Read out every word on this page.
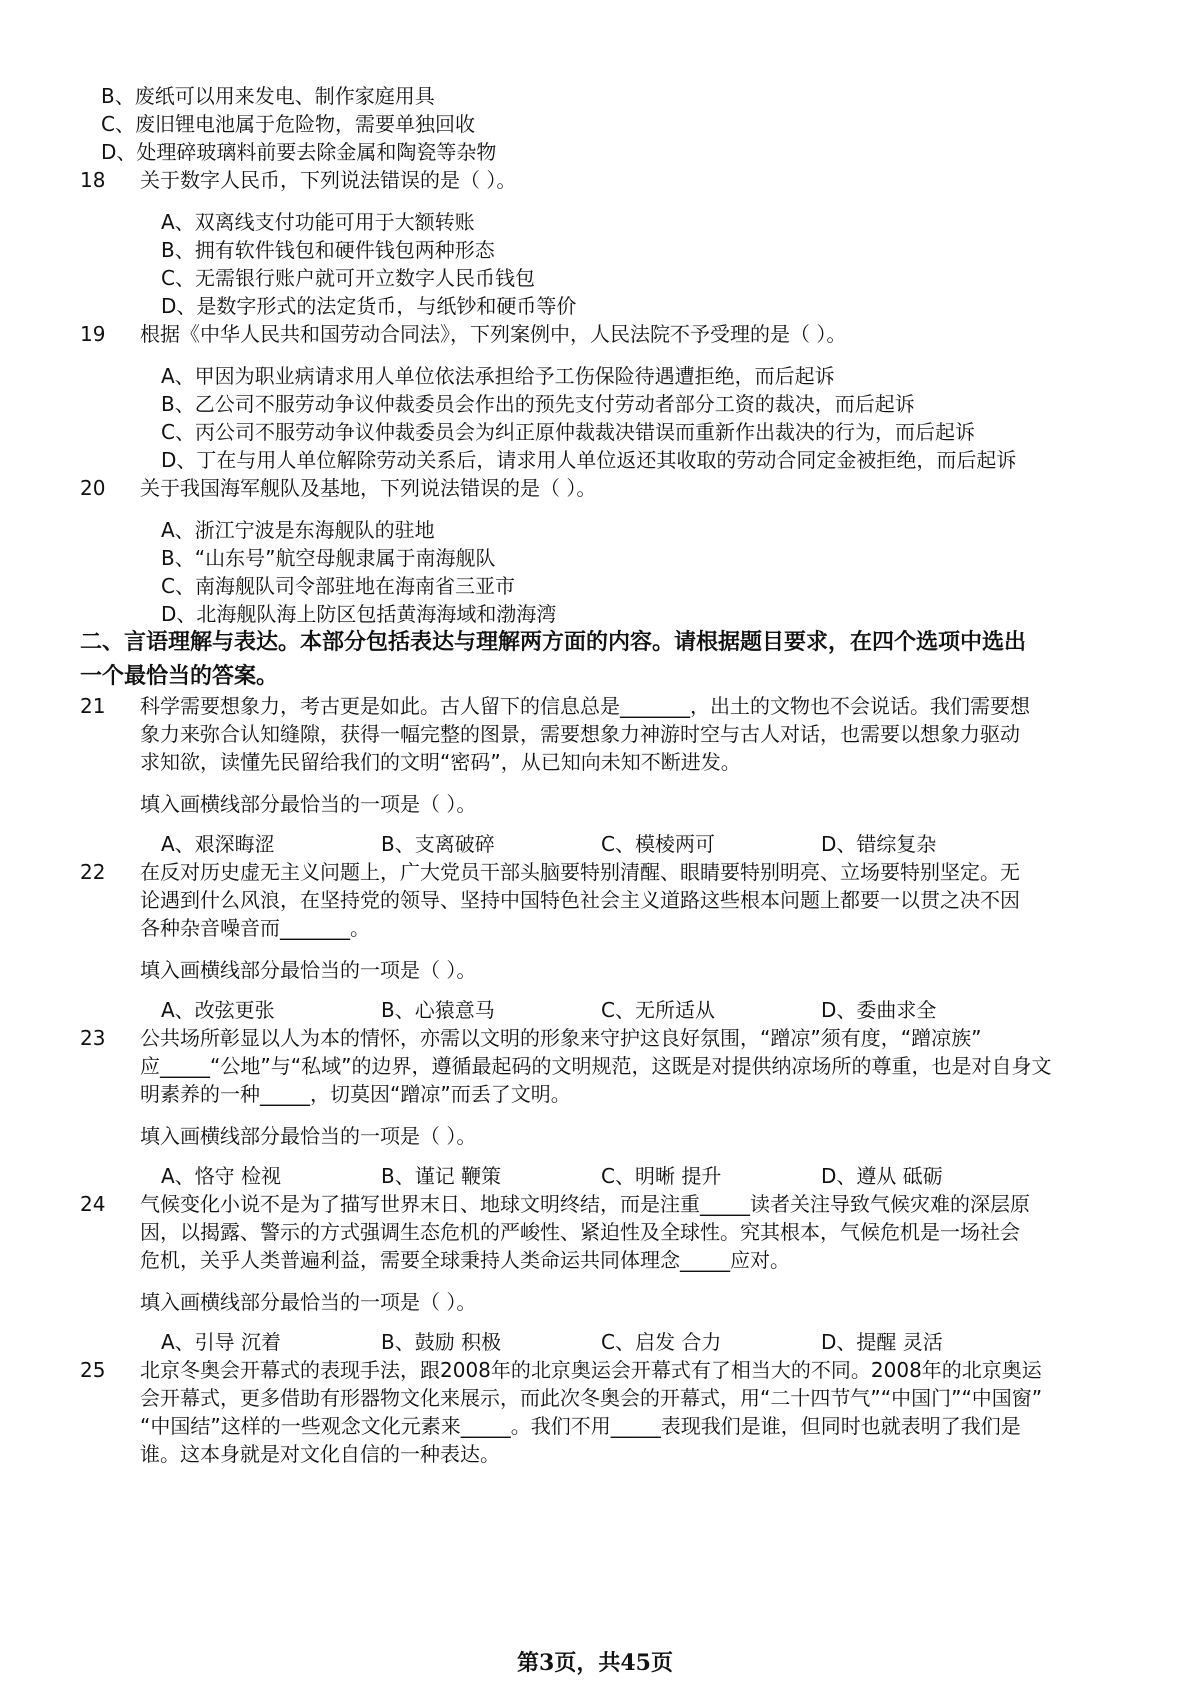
B、废纸可以用来发电、制作家庭用具
C、废旧锂电池属于危险物，需要单独回收
D、处理碎玻璃料前要去除金属和陶瓷等杂物
18 关于数字人民币，下列说法错误的是（ ）。
A、双离线支付功能可用于大额转账
B、拥有软件钱包和硬件钱包两种形态
C、无需银行账户就可开立数字人民币钱包
D、是数字形式的法定货币，与纸钞和硬币等价
19 根据《中华人民共和国劳动合同法》，下列案例中，人民法院不予受理的是（ ）。
A、甲因为职业病请求用人单位依法承担给予工伤保险待遇遭拒绝，而后起诉
B、乙公司不服劳动争议仲裁委员会作出的预先支付劳动者部分工资的裁决，而后起诉
C、丙公司不服劳动争议仲裁委员会为纠正原仲裁裁决错误而重新作出裁决的行为，而后起诉
D、丁在与用人单位解除劳动关系后，请求用人单位返还其收取的劳动合同定金被拒绝，而后起诉
20 关于我国海军舰队及基地，下列说法错误的是（ ）。
A、浙江宁波是东海舰队的驻地
B、“山东号”航空母舰隶属于南海舰队
C、南海舰队司令部驻地在海南省三亚市
D、北海舰队海上防区包括黄海海域和渤海湾
二、言语理解与表达。本部分包括表达与理解两方面的内容。请根据题目要求，在四个选项中选出
一个最恰当的答案。
21 科学需要想象力，考古更是如此。古人留下的信息总是_______，出土的文物也不会说话。我们需要想
象力来弥合认知缝隙，获得一幅完整的图景，需要想象力神游时空与古人对话，也需要以想象力驱动
求知欲，读懂先民留给我们的文明“密码”，从已知向未知不断进发。
填入画横线部分最恰当的一项是（ ）。
A、艰深晦涩	B、支离破碎	C、模棱两可	D、错综复杂
22 在反对历史虚无主义问题上，广大党员干部头脑要特别清醒、眼睛要特别明亮、立场要特别坚定。无
论遇到什么风浪，在坚持党的领导、坚持中国特色社会主义道路这些根本问题上都要一以贯之决不因
各种杂音噪音而_______。
填入画横线部分最恰当的一项是（ ）。
A、改弦更张	B、心猿意马	C、无所适从	D、委曲求全
23 公共场所彰显以人为本的情怀，亦需以文明的形象来守护这良好氛围，“蹭凉”须有度，“蹭凉族”
应_____“公地”与“私域”的边界，遵循最起码的文明规范，这既是对提供纳凉场所的尊重，也是对自身文
明素养的一种_____，切莫因“蹭凉”而丢了文明。
填入画横线部分最恰当的一项是（ ）。
A、恪守 检视	B、谨记 鞭策	C、明晰 提升	D、遵从 砥砺
24 气候变化小说不是为了描写世界末日、地球文明终结，而是注重_____读者关注导致气候灾难的深层原
因，以揭露、警示的方式强调生态危机的严峻性、紧迫性及全球性。究其根本，气候危机是一场社会
危机，关乎人类普遍利益，需要全球秉持人类命运共同体理念_____应对。
填入画横线部分最恰当的一项是（ ）。
A、引导 沉着	B、鼓励 积极	C、启发 合力	D、提醒 灵活
25 北京冬奥会开幕式的表现手法，跟2008年的北京奥运会开幕式有了相当大的不同。2008年的北京奥运
会开幕式，更多借助有形器物文化来展示，而此次冬奥会的开幕式，用“二十四节气”“中国门”“中国窗”
“中国结”这样的一些观念文化元素来_____。我们不用_____表现我们是谁，但同时也就表明了我们是
谁。这本身就是对文化自信的一种表达。
第3页，共45页
